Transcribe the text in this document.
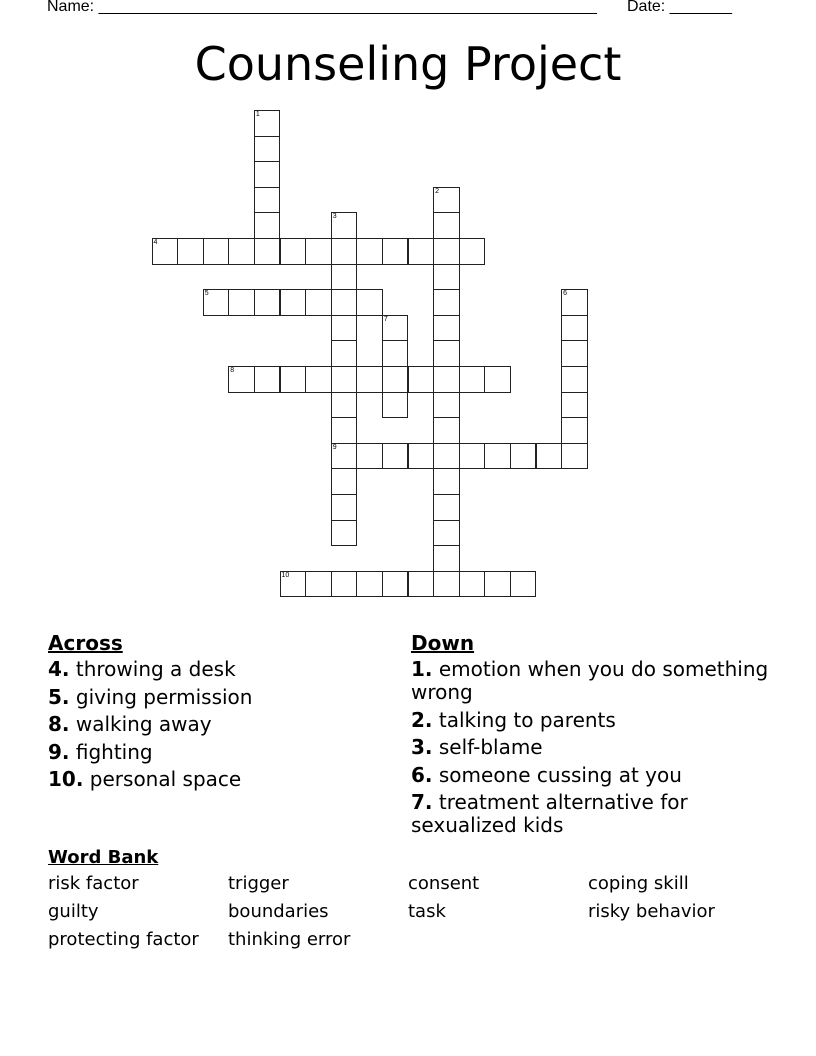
Name: ________________________________________________________ Date: _______
Counseling Project
1
2
3
9
4
5	6
7
8
10
Across
4. throwing a desk
5. giving permission
8. walking away
9. fighting
10. personal space
Down
1. emotion when you do something wrong
2. talking to parents
3. self-blame
6. someone cussing at you
7. treatment alternative for sexualized kids
Word Bank
risk factor	trigger	consent	coping skill
guilty	boundaries	task	risky behavior
protecting factor	thinking error
